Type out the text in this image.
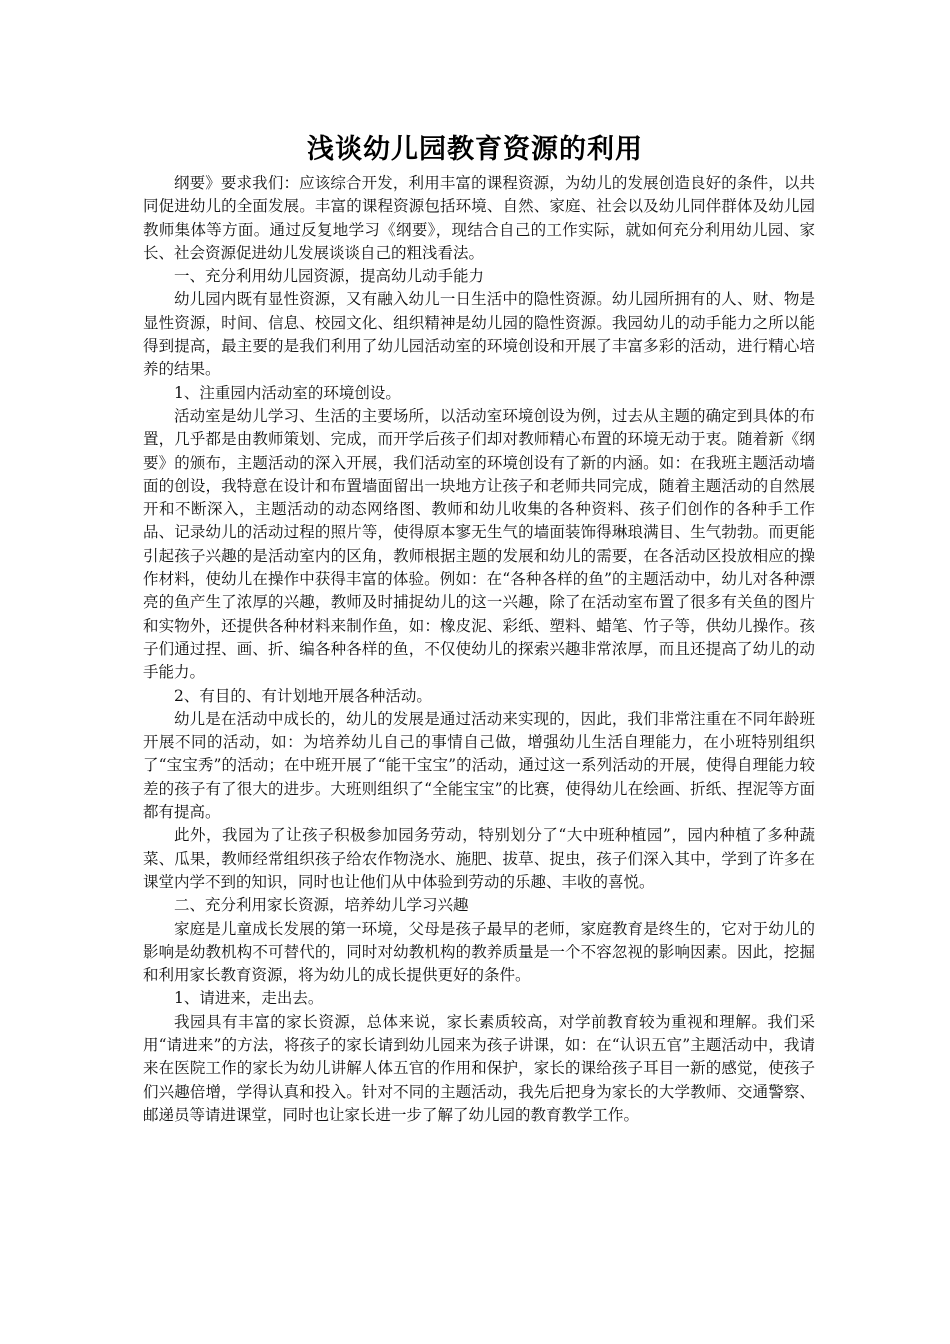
浅谈幼儿园教育资源的利用

纲要》要求我们：应该综合开发，利用丰富的课程资源，为幼儿的发展创造良好的条件，以共同促进幼儿的全面发展。丰富的课程资源包括环境、自然、家庭、社会以及幼儿同伴群体及幼儿园教师集体等方面。通过反复地学习《纲要》，现结合自己的工作实际，就如何充分利用幼儿园、家长、社会资源促进幼儿发展谈谈自己的粗浅看法。

一、充分利用幼儿园资源，提高幼儿动手能力

幼儿园内既有显性资源，又有融入幼儿一日生活中的隐性资源。幼儿园所拥有的人、财、物是显性资源，时间、信息、校园文化、组织精神是幼儿园的隐性资源。我园幼儿的动手能力之所以能得到提高，最主要的是我们利用了幼儿园活动室的环境创设和开展了丰富多彩的活动，进行精心培养的结果。

1、注重园内活动室的环境创设。

活动室是幼儿学习、生活的主要场所，以活动室环境创设为例，过去从主题的确定到具体的布置，几乎都是由教师策划、完成，而开学后孩子们却对教师精心布置的环境无动于衷。随着新《纲要》的颁布，主题活动的深入开展，我们活动室的环境创设有了新的内涵。如：在我班主题活动墙面的创设，我特意在设计和布置墙面留出一块地方让孩子和老师共同完成，随着主题活动的自然展开和不断深入，主题活动的动态网络图、教师和幼儿收集的各种资料、孩子们创作的各种手工作品、记录幼儿的活动过程的照片等，使得原本寥无生气的墙面装饰得琳琅满目、生气勃勃。而更能引起孩子兴趣的是活动室内的区角，教师根据主题的发展和幼儿的需要，在各活动区投放相应的操作材料，使幼儿在操作中获得丰富的体验。例如：在“各种各样的鱼”的主题活动中，幼儿对各种漂亮的鱼产生了浓厚的兴趣，教师及时捕捉幼儿的这一兴趣，除了在活动室布置了很多有关鱼的图片和实物外，还提供各种材料来制作鱼，如：橡皮泥、彩纸、塑料、蜡笔、竹子等，供幼儿操作。孩子们通过捏、画、折、编各种各样的鱼，不仅使幼儿的探索兴趣非常浓厚，而且还提高了幼儿的动手能力。

2、有目的、有计划地开展各种活动。

幼儿是在活动中成长的，幼儿的发展是通过活动来实现的，因此，我们非常注重在不同年龄班开展不同的活动，如：为培养幼儿自己的事情自己做，增强幼儿生活自理能力，在小班特别组织了“宝宝秀”的活动；在中班开展了“能干宝宝”的活动，通过这一系列活动的开展，使得自理能力较差的孩子有了很大的进步。大班则组织了“全能宝宝”的比赛，使得幼儿在绘画、折纸、捏泥等方面都有提高。

此外，我园为了让孩子积极参加园务劳动，特别划分了“大中班种植园”，园内种植了多种蔬菜、瓜果，教师经常组织孩子给农作物浇水、施肥、拔草、捉虫，孩子们深入其中，学到了许多在课堂内学不到的知识，同时也让他们从中体验到劳动的乐趣、丰收的喜悦。

二、充分利用家长资源，培养幼儿学习兴趣

家庭是儿童成长发展的第一环境，父母是孩子最早的老师，家庭教育是终生的，它对于幼儿的影响是幼教机构不可替代的，同时对幼教机构的教养质量是一个不容忽视的影响因素。因此，挖掘和利用家长教育资源，将为幼儿的成长提供更好的条件。

1、请进来，走出去。

我园具有丰富的家长资源，总体来说，家长素质较高，对学前教育较为重视和理解。我们采用“请进来”的方法，将孩子的家长请到幼儿园来为孩子讲课，如：在“认识五官”主题活动中，我请来在医院工作的家长为幼儿讲解人体五官的作用和保护，家长的课给孩子耳目一新的感觉，使孩子们兴趣倍增，学得认真和投入。针对不同的主题活动，我先后把身为家长的大学教师、交通警察、邮递员等请进课堂，同时也让家长进一步了解了幼儿园的教育教学工作。
